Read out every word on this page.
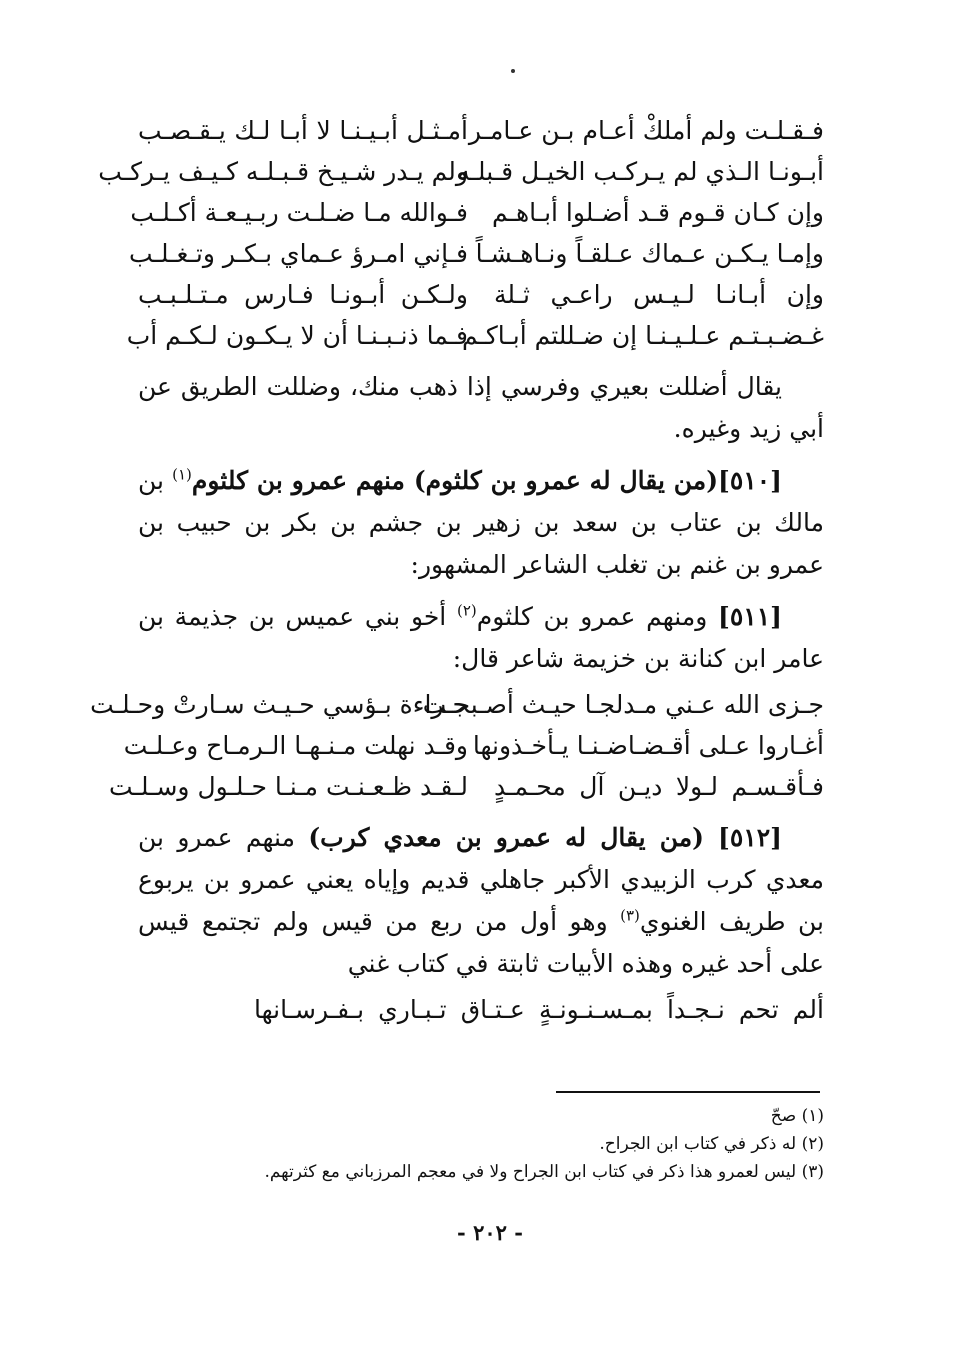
فـقـلـت ولم أملكْ أعـام بـن عـامـر
أمـثـل أبـيـنـا لا أبـا لـك يـقـصـب
أبـونـا الـذي لم يـركـب الخيـل قـبلـه
ولم يـدر شـيـخ قـبـلـه كـيـف يـركـب
وإن كـان قـوم قـد أضـلوا أبـاهـم
فـوالله مـا ضـلـت ربـيـعـة أكـلـب
وإمـا يـكـن عـماك عـلقـاً ونـاهـشـاً
فـإني امـرؤ عـماي بـكـر وتـغـلـب
وإن أبـانـا لـيـس راعـي ثـلة
ولـكـن أبـونـا فـارس مـتـلـبـب
غـضـبـتـم عـلـيـنـا إن ضـللتم أبـاكـم
فـما ذنـبـنـا أن لا يـكـون لـكـم أب

يقال أضللت بعيري وفرسي إذا ذهب منك، وضللت الطريق عن أبي زيد وغيره.

[٥١٠](من يقال له عمرو بن كلثوم) منهم عمرو بن كلثوم$^{(١)}$ بن مالك بن عتاب بن سعد بن زهير بن جشم بن بكر بن حبيب بن عمرو بن غنم بن تغلب الشاعر المشهور:

[٥١١] ومنهم عمرو بن كلثوم$^{(٢)}$ أخو بني عميس بن جذيمة بن عامر ابن كنانة بن خزيمة شاعر قال:

جـزى الله عـني مـدلجـا حيـث أصـبحـت
جـراءة بـؤسي حـيـث سـارتْ وحـلـت
أغـاروا عـلى أقـضـاضـنـا يـأخـذونها
وقـد نهلت مـنـهـا الـرمـاح وعـلـت
فـأقـسـم لـولا ديـن آل محـمـدٍ
لـقـد ظـعـنـت مـنـا حـلـول وسـلـت

[٥١٢] (من يقال له عمرو بن معدي كرب) منهم عمرو بن معدي كرب الزبيدي الأكبر جاهلي قديم وإياه يعني عمرو بن يربوع بن طريف الغنوي$^{(٣)}$ وهو أول من ربع من قيس ولم تجتمع قيس على أحد غيره وهذه الأبيات ثابتة في كتاب غني

ألم تحم نـجـداً بمـسـنـونـةٍ عـتـاق تـبـاري بـفـرسـانها
(١) صحّ
(٢) له ذكر في كتاب ابن الجراح.
(٣) ليس لعمرو هذا ذكر في كتاب ابن الجراح ولا في معجم المرزباني مع كثرتهم.
- ٢٠٢ -
